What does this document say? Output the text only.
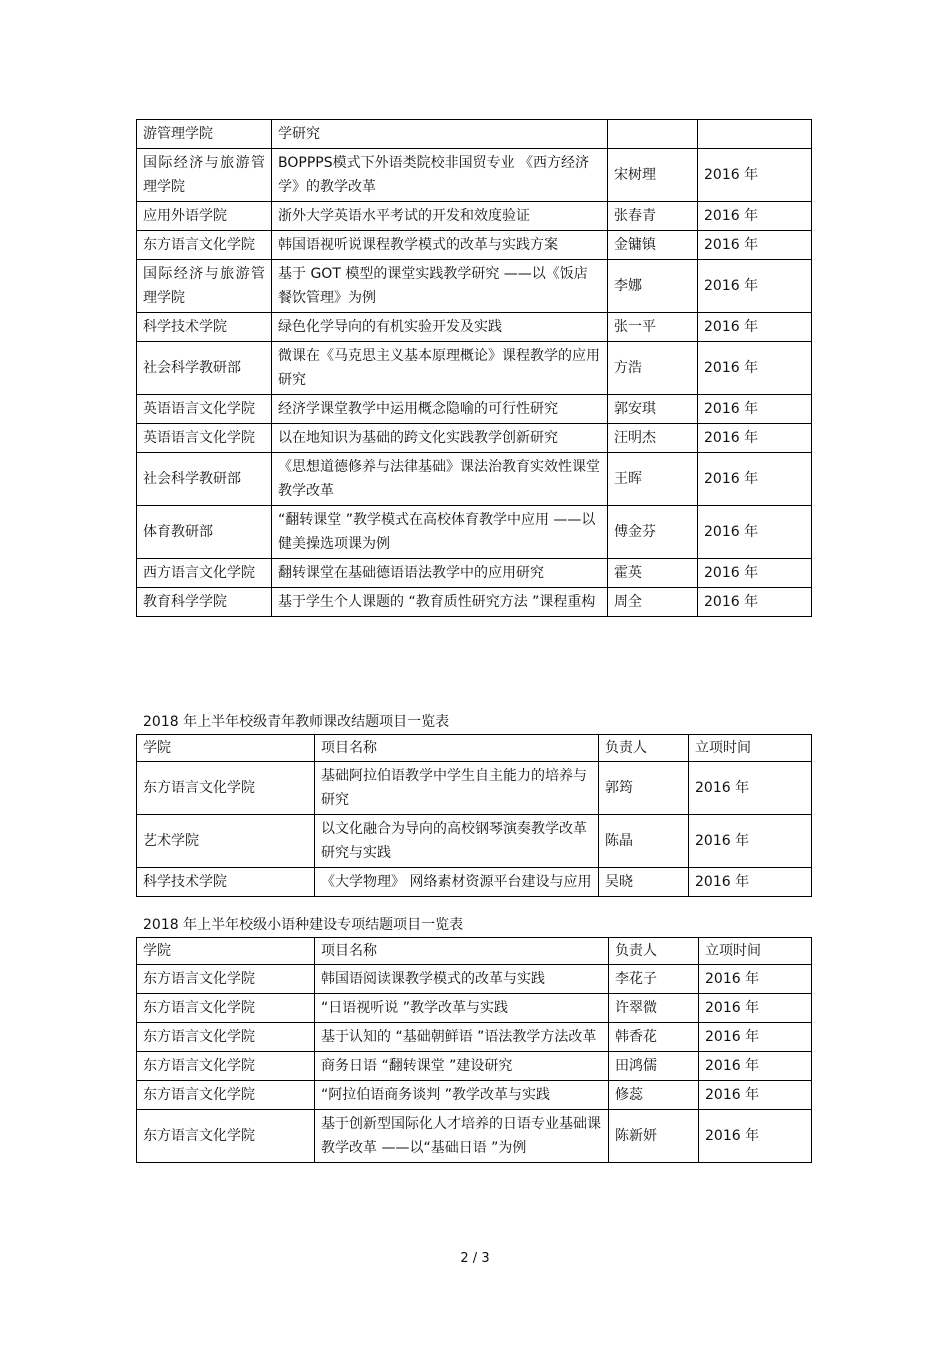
游管理学院	学研究		
国际经济与旅游管理学院	BOPPPS模式下外语类院校非国贸专业 《西方经济学》的教学改革	宋树理	2016 年
应用外语学院	浙外大学英语水平考试的开发和效度验证	张春青	2016 年
东方语言文化学院	韩国语视听说课程教学模式的改革与实践方案	金镛镇	2016 年
国际经济与旅游管理学院	基于 GOT 模型的课堂实践教学研究 ——以《饭店餐饮管理》为例	李娜	2016 年
科学技术学院	绿色化学导向的有机实验开发及实践	张一平	2016 年
社会科学教研部	微课在《马克思主义基本原理概论》课程教学的应用研究	方浩	2016 年
英语语言文化学院	经济学课堂教学中运用概念隐喻的可行性研究	郭安琪	2016 年
英语语言文化学院	以在地知识为基础的跨文化实践教学创新研究	汪明杰	2016 年
社会科学教研部	《思想道德修养与法律基础》课法治教育实效性课堂教学改革	王晖	2016 年
体育教研部	“翻转课堂 ”教学模式在高校体育教学中应用 ——以健美操选项课为例	傅金芬	2016 年
西方语言文化学院	翻转课堂在基础德语语法教学中的应用研究	霍英	2016 年
教育科学学院	基于学生个人课题的 “教育质性研究方法 ”课程重构	周全	2016 年
2018 年上半年校级青年教师课改结题项目一览表
学院	项目名称	负责人	立项时间
东方语言文化学院	基础阿拉伯语教学中学生自主能力的培养与研究	郭筠	2016 年
艺术学院	以文化融合为导向的高校钢琴演奏教学改革研究与实践	陈晶	2016 年
科学技术学院	《大学物理》 网络素材资源平台建设与应用	吴晓	2016 年
2018 年上半年校级小语种建设专项结题项目一览表
学院	项目名称	负责人	立项时间
东方语言文化学院	韩国语阅读课教学模式的改革与实践	李花子	2016 年
东方语言文化学院	“日语视听说 ”教学改革与实践	许翠微	2016 年
东方语言文化学院	基于认知的 “基础朝鲜语 ”语法教学方法改革	韩香花	2016 年
东方语言文化学院	商务日语 “翻转课堂 ”建设研究	田鸿儒	2016 年
东方语言文化学院	“阿拉伯语商务谈判 ”教学改革与实践	修蕊	2016 年
东方语言文化学院	基于创新型国际化人才培养的日语专业基础课教学改革 ——以“基础日语 ”为例	陈新妍	2016 年
2 / 3
